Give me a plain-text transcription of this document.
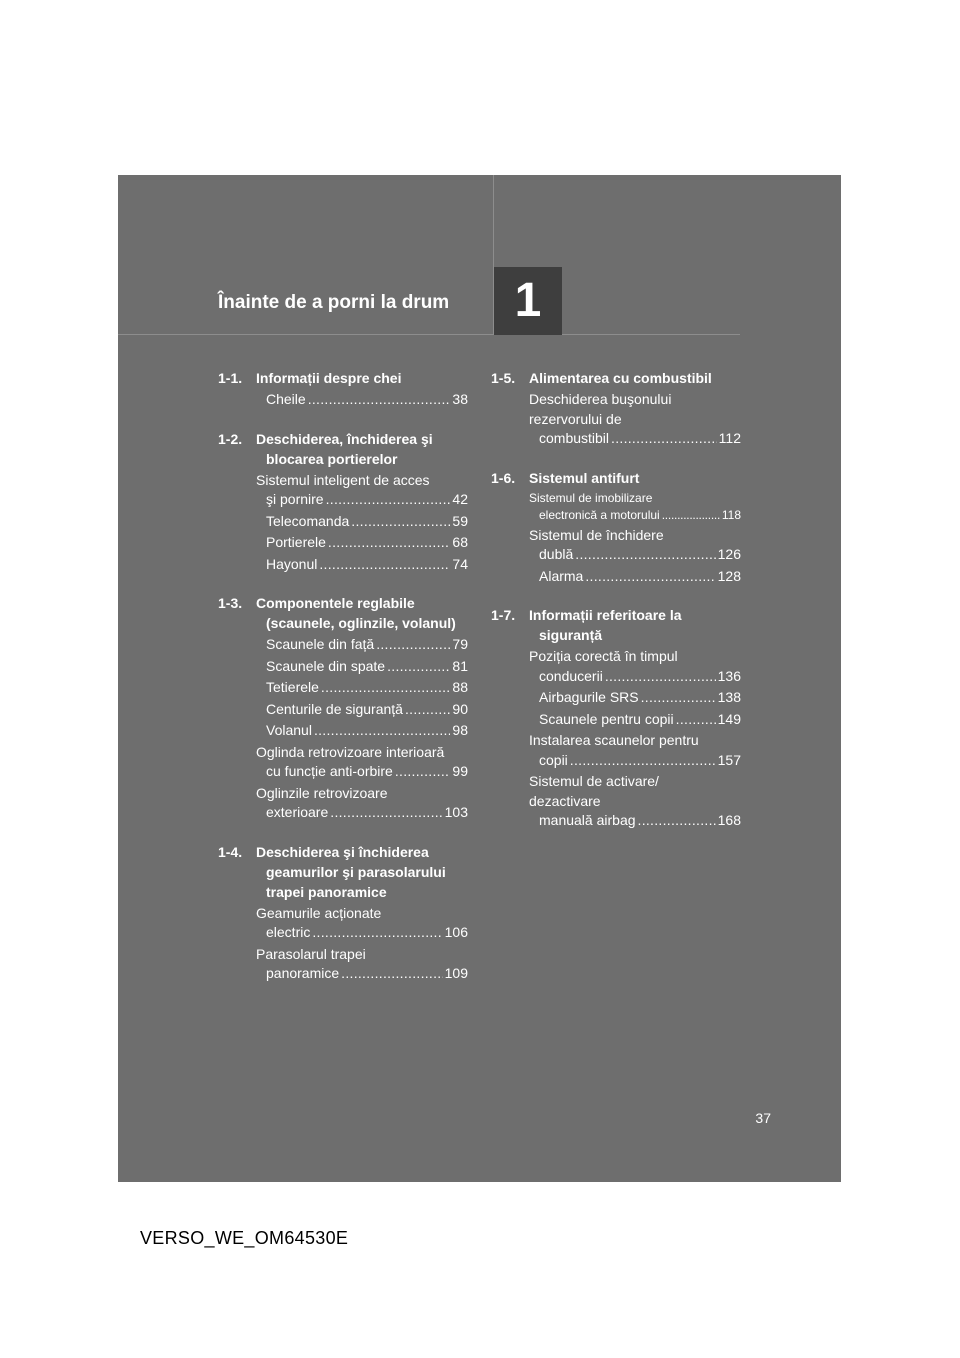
Înainte de a porni la drum	1
1-1. Informații despre chei
Cheile . . .	38
1-2. Deschiderea, închiderea şi blocarea portierelor
Sistemul inteligent de acces
şi pornire . . .	42
Telecomanda . . .	59
Portierele . . .	68
Hayonul . . .	74
1-3. Componentele reglabile (scaunele, oglinzile, volanul)
Scaunele din față . . .	79
Scaunele din spate . . .	81
Tetierele . . .	88
Centurile de siguranță . . .	90
Volanul . . .	98
Oglinda retrovizoare interioară
cu funcție anti-orbire . . .	99
Oglinzile retrovizoare
exterioare . . .	103
1-4. Deschiderea şi închiderea geamurilor şi parasolarului trapei panoramice
Geamurile acționate
electric . . .	106
Parasolarul trapei
panoramice . . .	109
1-5. Alimentarea cu combustibil
Deschiderea buşonului
rezervorului de
combustibil . . .	112
1-6. Sistemul antifurt
Sistemul de imobilizare
electronică a motorului . . .	118
Sistemul de închidere
dublă . . .	126
Alarma . . .	128
1-7. Informații referitoare la siguranță
Poziția corectă în timpul
conducerii . . .	136
Airbagurile SRS . . .	138
Scaunele pentru copii . . .	149
Instalarea scaunelor pentru
copii . . .	157
Sistemul de activare/
dezactivare
manuală airbag . . .	168
37
VERSO_WE_OM64530E
